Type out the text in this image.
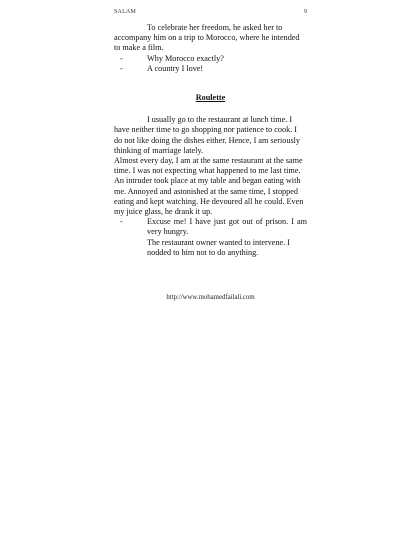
SALAM	9

To celebrate her freedom, he asked her to accompany him on a trip to Morocco, where he intended to make a film.

-	Why Morocco exactly?

-	A country I love!

Roulette

I usually go to the restaurant at lunch time. I have neither time to go shopping nor patience to cook. I do not like doing the dishes either. Hence, I am seriously thinking of marriage lately.

Almost every day, I am at the same restaurant at the same time. I was not expecting what happened to me last time. An intruder took place at my table and began eating with me. Annoyed and astonished at the same time, I stopped eating and kept watching. He devoured all he could. Even my juice glass, he drank it up.

-	Excuse me! I have just got out of prison. I am very hungry.

The restaurant owner wanted to intervene. I nodded to him not to do anything.

http://www.mohamedfailali.com
